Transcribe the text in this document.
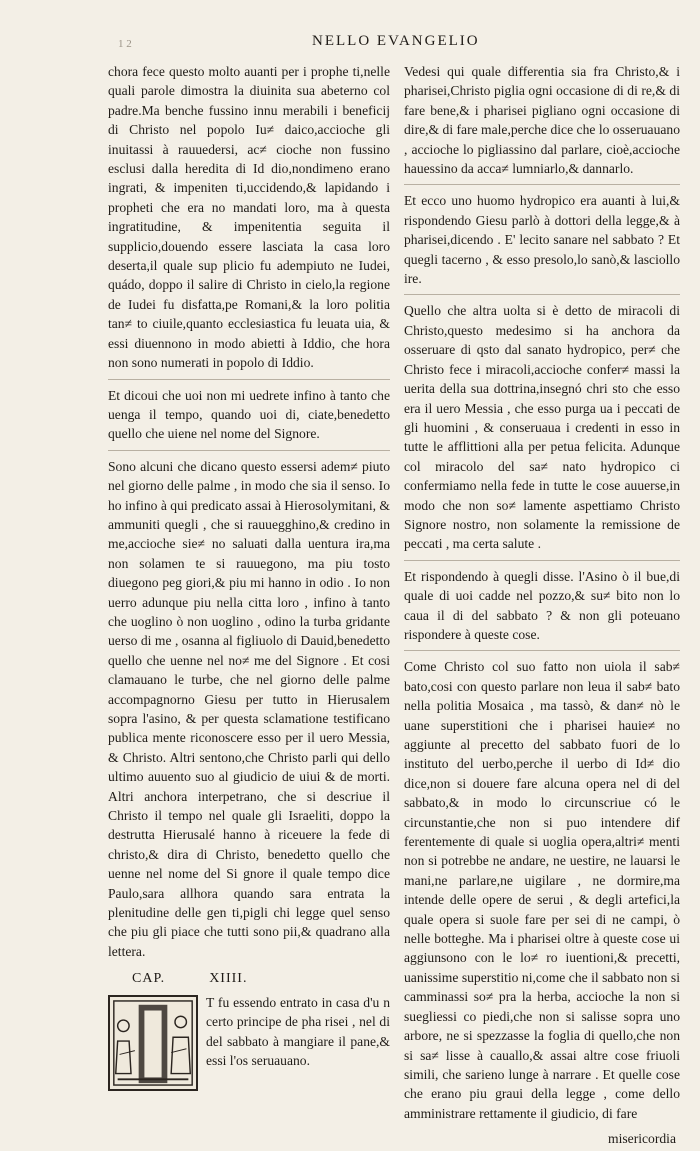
1 2	NELLO EVANGELIO

chora fece questo molto auanti per i prophe ti,nelle quali parole dimostra la diuinita sua abeterno col padre.Ma benche fussino innu merabili i beneficij di Christo nel popolo Iu≠ daico,accioche gli inuitassi à rauuedersi, ac≠ cioche non fussino esclusi dalla heredita di Id dio,nondimeno erano ingrati, & impeniten ti,uccidendo,& lapidando i propheti che era no mandati loro, ma à questa ingratitudine, & impenitentia seguita il supplicio,douendo essere lasciata la casa loro deserta,il quale sup plicio fu adempiuto ne Iudei, quádo, doppo il salire di Christo in cielo,la regione de Iudei fu disfatta,pe Romani,& la loro politia tan≠ to ciuile,quanto ecclesiastica fu leuata uia, & essi diuennono in modo abietti à Iddio, che hora non sono numerati in popolo di Iddio.

Et dicoui che uoi non mi uedrete infino à tanto che uenga il tempo, quando uoi di, ciate,benedetto quello che uiene nel nome del Signore.

Sono alcuni che dicano questo essersi adem≠ piuto nel giorno delle palme , in modo che sia il senso. Io ho infino à qui predicato assai à Hierosolymitani, & ammuniti quegli , che si rauuegghino,& credino in me,accioche sie≠ no saluati dalla uentura ira,ma non solamen te si rauuegono, ma piu tosto diuegono peg giori,& piu mi hanno in odio . Io non uerro adunque piu nella citta loro , infino à tanto che uoglino ò non uoglino , odino la turba gridante uerso di me , osanna al figliuolo di Dauid,benedetto quello che uenne nel no≠ me del Signore . Et cosi clamauano le turbe, che nel giorno delle palme accompagnorno Giesu per tutto in Hierusalem sopra l'asino, & per questa sclamatione testificano publica mente riconoscere esso per il uero Messia, & Christo. Altri sentono,che Christo parli qui dello ultimo auuento suo al giudicio de uiui & de morti. Altri anchora interpetrano, che si descriue il Christo il tempo nel quale gli Israeliti, doppo la destrutta Hierusalé hanno à riceuere la fede di christo,& dira di Christo, benedetto quello che uenne nel nome del Si gnore il quale tempo dice Paulo,sara allhora quando sara entrata la plenitudine delle gen ti,pigli chi legge quel senso che piu gli piace che tutti sono pii,& quadrano alla lettera.

CAP.	XIIII.

T fu essendo entrato in casa d'u n certo principe de pha risei , nel di del sabbato à mangiare il pane,& essi l'os seruauano.

Vedesi qui quale differentia sia fra Christo,& i pharisei,Christo piglia ogni occasione di di re,& di fare bene,& i pharisei pigliano ogni occasione di dire,& di fare male,perche dice che lo osseruauano , accioche lo pigliassino dal parlare, cioè,accioche hauessino da acca≠ lumniarlo,& dannarlo.

Et ecco uno huomo hydropico era auanti à lui,& rispondendo Giesu parlò à dottori della legge,& à pharisei,dicendo . E' lecito sanare nel sabbato ? Et quegli tacerno , & esso presolo,lo sanò,& lasciollo ire.

Quello che altra uolta si è detto de miracoli di Christo,questo medesimo si ha anchora da osseruare di qsto dal sanato hydropico, per≠ che Christo fece i miracoli,accioche confer≠ massi la uerita della sua dottrina,insegnó chri sto che esso era il uero Messia , che esso purga ua i peccati de gli huomini , & conseruaua i credenti in esso in tutte le afflittioni alla per petua felicita. Adunque col miracolo del sa≠ nato hydropico ci confermiamo nella fede in tutte le cose auuerse,in modo che non so≠ lamente aspettiamo Christo Signore nostro, non solamente la remissione de peccati , ma certa salute .

Et rispondendo à quegli disse. l'Asino ò il bue,di quale di uoi cadde nel pozzo,& su≠ bito non lo caua il di del sabbato ? & non gli poteuano rispondere à queste cose.

Come Christo col suo fatto non uiola il sab≠ bato,cosi con questo parlare non leua il sab≠ bato nella politia Mosaica , ma tassò, & dan≠ nò le uane superstitioni che i pharisei hauie≠ no aggiunte al precetto del sabbato fuori de lo instituto del uerbo,perche il uerbo di Id≠ dio dice,non si douere fare alcuna opera nel di del sabbato,& in modo lo circunscriue có le circunstantie,che non si puo intendere dif ferentemente di quale si uoglia opera,altri≠ menti non si potrebbe ne andare, ne uestire, ne lauarsi le mani,ne parlare,ne uigilare , ne dormire,ma intende delle opere de serui , & degli artefici,la quale opera si suole fare per sei di ne campi, ò nelle botteghe. Ma i pharisei oltre à queste cose ui aggiunsono con le lo≠ ro iuentioni,& precetti, uanissime superstitio ni,come che il sabbato non si camminassi so≠ pra la herba, accioche la non si suegliessi co piedi,che non si salisse sopra uno arbore, ne si spezzasse la foglia di quello,che non si sa≠ lisse à cauallo,& assai altre cose friuoli simili, che sarieno lunge à narrare . Et quelle cose che erano piu graui della legge , come dello amministrare rettamente il giudicio, di fare

misericordia
